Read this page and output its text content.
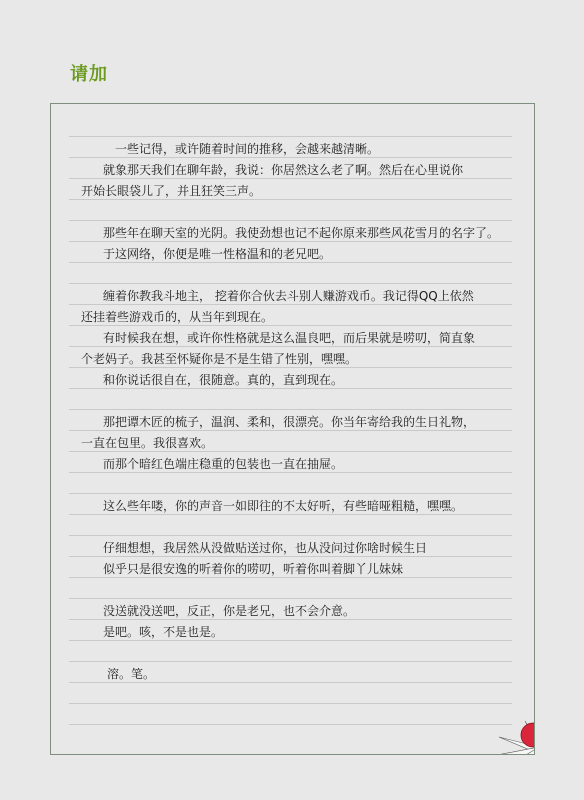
请加
　一些记得，或许随着时间的推移，会越来越清晰。
就象那天我们在聊年龄，我说：你居然这么老了啊。然后在心里说你
开始长眼袋儿了，并且狂笑三声。
那些年在聊天室的光阴。我使劲想也记不起你原来那些风花雪月的名字了。
于这网络，你便是唯一性格温和的老兄吧。
缠着你教我斗地主， 挖着你合伙去斗别人赚游戏币。我记得QQ上依然
还挂着些游戏币的，从当年到现在。
有时候我在想，或许你性格就是这么温良吧，而后果就是唠叨，简直象
个老妈子。我甚至怀疑你是不是生错了性别，嘿嘿。
和你说话很自在，很随意。真的，直到现在。
那把谭木匠的梳子，温润、柔和，很漂亮。你当年寄给我的生日礼物，
一直在包里。我很喜欢。
而那个暗红色端庄稳重的包装也一直在抽屉。
这么些年喽，你的声音一如即往的不太好听，有些暗哑粗糙，嘿嘿。
仔细想想，我居然从没做贴送过你，也从没问过你啥时候生日
似乎只是很安逸的听着你的唠叨，听着你叫着脚丫儿妹妹
没送就没送吧，反正，你是老兄，也不会介意。
是吧。咳，不是也是。
溶。笔。
